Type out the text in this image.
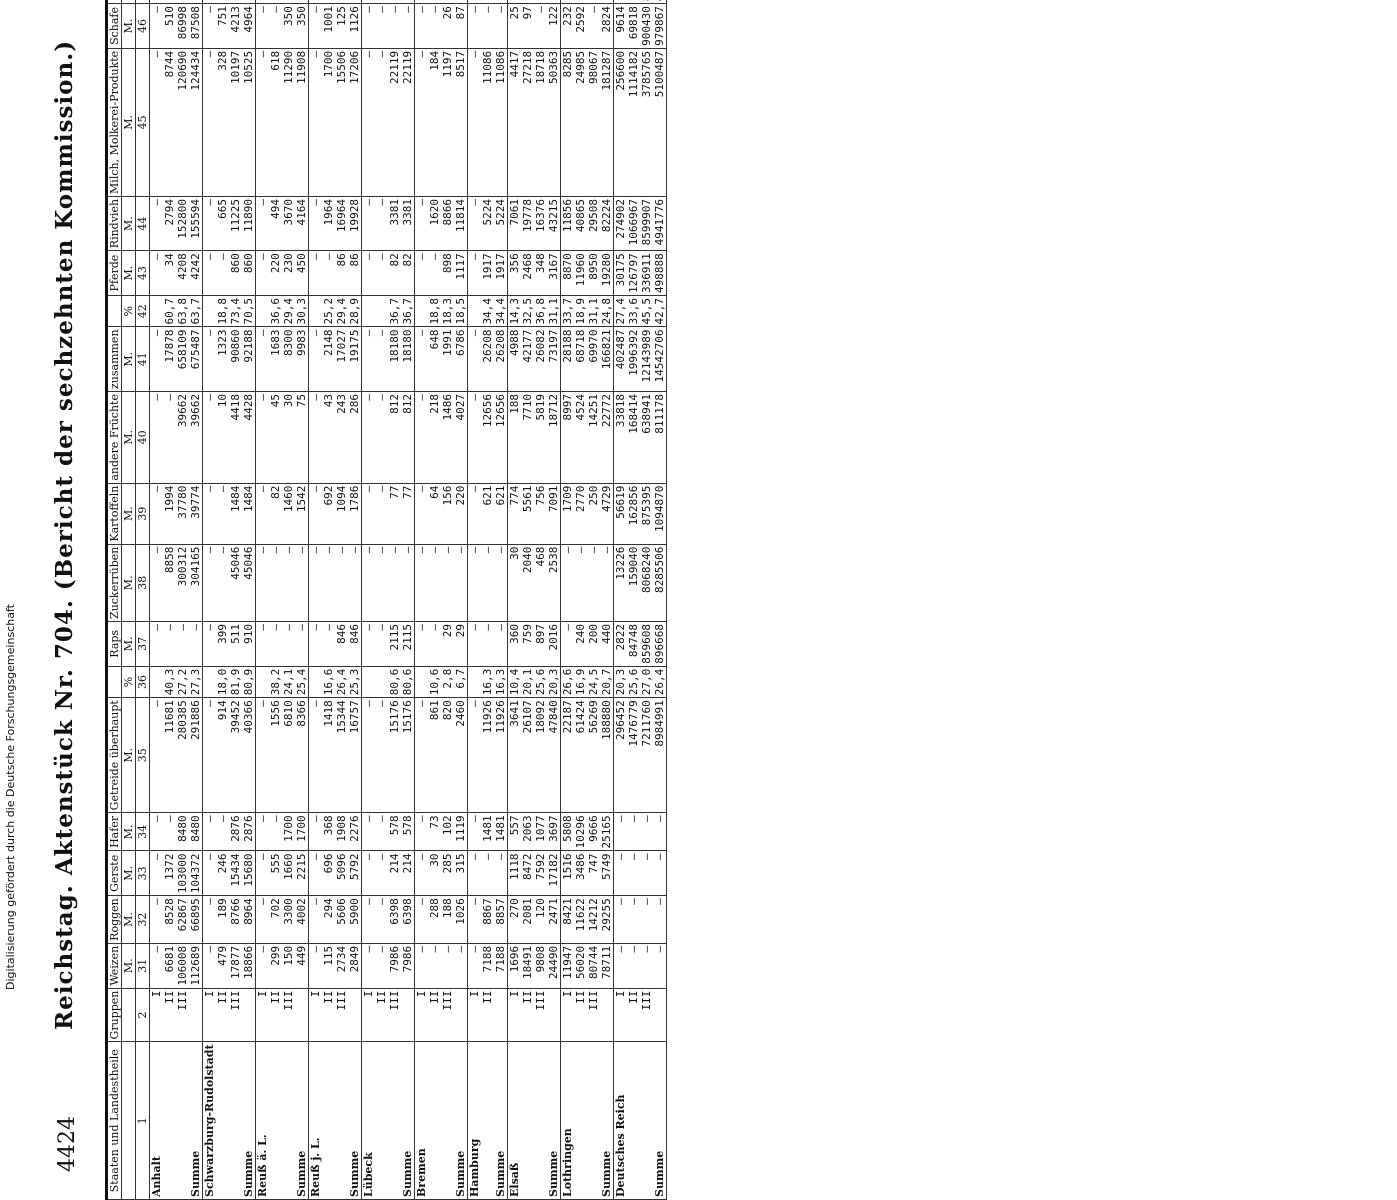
4424
Reichstag. Aktenstück Nr. 704. (Bericht der sechzehnten Kommission.)
Staaten und Landestheile	Gruppen	Weizen	Roggen	Gerste	Hafer	Getreide überhaupt		Raps	Zuckerrüben	Kartoffeln	andere Früchte	zusammen		Pferde	Rindvieh	Milch, Molkerei-Produkte	Schafe	
		M.	M.	M.	M.	M.	%	M.	M.	M.	M.	M.	%	M.	M.	M.	M.	
1	2	31	32	33	34	35	36	37	38	39	40	41	42	43	44	45	46	
Anhalt	I	—	—	—	—	—		—	—	—	—	—		—	—	—	—	
	II	6681	8528	1372	—	11681	40,3	—	8858	1994	—	17878	60,7	34	2794	8744	510	
	III	106008	62867	103000	8480	280385	27,2	—	300312	37780	39662	658109	63,8	4208	152800	120690	86998	
Summe		112689	66895	104372	8480	291886	27,3	—	304165	39774	39662	675487	63,7	4242	155594	124434	87508	
Schwarzburg-Rudolstadt	I	—	—	—	—	—		—	—	—	—	—		—	—	—	—	
	II	479	189	246	—	914	18,0	399	—	—	10	1323	18,8	—	665	328	751	
	III	17877	8766	15434	2876	39452	81,9	511	45046	1484	4418	90860	73,4	860	11225	10197	4213	
Summe		18866	8964	15680	2876	40366	80,9	910	45046	1484	4428	92188	70,5	860	11890	10525	4964	
Reuß ä. L.	I	—	—	—	—	—		—	—	—	—	—		—	—	—	—	
	II	299	702	555	—	1556	38,2	—	—	82	45	1683	36,6	220	494	618	—	
	III	150	3300	1660	1700	6810	24,1	—	—	1460	30	8300	29,4	230	3670	11290	350	
Summe		449	4002	2215	1700	8366	25,4	—	—	1542	75	9983	30,3	450	4164	11908	350	
Reuß j. L.	I	—	—	—	—	—		—	—	—	—	—		—	—	—	—	
	II	115	294	696	368	1418	16,6	—	—	692	43	2148	25,2	—	1964	1700	1001	
	III	2734	5606	5096	1908	15344	26,4	846	—	1094	243	17027	29,4	86	16964	15506	125	
Summe		2849	5900	5792	2276	16757	25,3	846	—	1786	286	19175	28,9	86	19928	17206	1126	
Lübeck	I	—	—	—	—	—		—	—	—	—	—		—	—	—	—	
	II	—	—	—	—	—		—	—	—	—	—		—	—	—	—	
	III	7986	6398	214	578	15176	80,6	2115	—	77	812	18180	36,7	82	3381	22119	—	
Summe		7986	6398	214	578	15176	80,6	2115	—	77	812	18180	36,7	82	3381	22119	—	
Bremen	I	—	—	—	—	—		—	—	—	—	—		—	—	—	—	
	II	—	288	30	73	861	10,6	—	—	64	218	648	18,8	—	1620	184	—	
	III	—	188	285	102	820	2,8	29	—	156	1486	1991	18,3	898	8866	1197	26	
Summe		—	1026	315	1119	2460	6,7	29	—	220	4027	6786	18,5	1117	11814	8517	87	
Hamburg	I	—	—	—	—	—		—	—	—	—	—		—	—	—	—	
	II	7188	8867	—	1481	11926	16,3	—	—	621	12656	26208	34,4	1917	5224	11086	—	
Summe		7188	8857	—	1481	11926	16,3	—	—	621	12656	26208	34,4	1917	5224	11086	—	
Elsaß	I	1696	270	1118	557	3641	10,4	360	30	774	188	4988	14,3	356	7061	4417	25	
	II	18491	2081	8472	2063	26107	20,1	759	2040	5561	7710	42177	32,5	2468	19778	27218	97	
	III	9808	120	7592	1077	18092	25,6	897	468	756	5819	26082	36,8	348	16376	18718	—	
Summe		24490	2471	17182	3697	47840	20,3	2016	2538	7091	18712	73197	31,1	3167	43215	50363	122	
Lothringen	I	11947	8421	1516	5808	22187	26,6	—	—	1709	8997	28188	33,7	8870	11856	8285	232	
	II	56020	11622	3486	10296	61424	16,9	240	—	2770	4524	68718	18,9	11960	40865	24985	2592	
	III	80744	14212	747	9666	56269	24,5	200	—	250	14251	69970	31,1	8950	29508	98067	—	
Summe		78711	29255	5749	25165	188880	20,7	440	—	4729	22772	166821	24,8	19280	82224	181287	2824	
Deutsches Reich	I	—	—	—	—	296452	20,3	2822	13226	56619	33818	402487	27,4	30175	274902	256600	9614	
	II	—	—	—	—	1476779	25,6	84748	159040	162856	168414	1996392	33,6	126797	1066967	1114182	69818	
	III	—	—	—	—	7211760	27,0	859608	8068240	875395	638941	12143989	45,5	336911	8599907	3785765	900430	
Summe		—	—	—	—	8984991	26,4	896668	8285506	1094870	811178	14542706	42,7	498888	4941776	5100487	979867	
Digitalisierung gefördert durch die Deutsche Forschungsgemeinschaft
